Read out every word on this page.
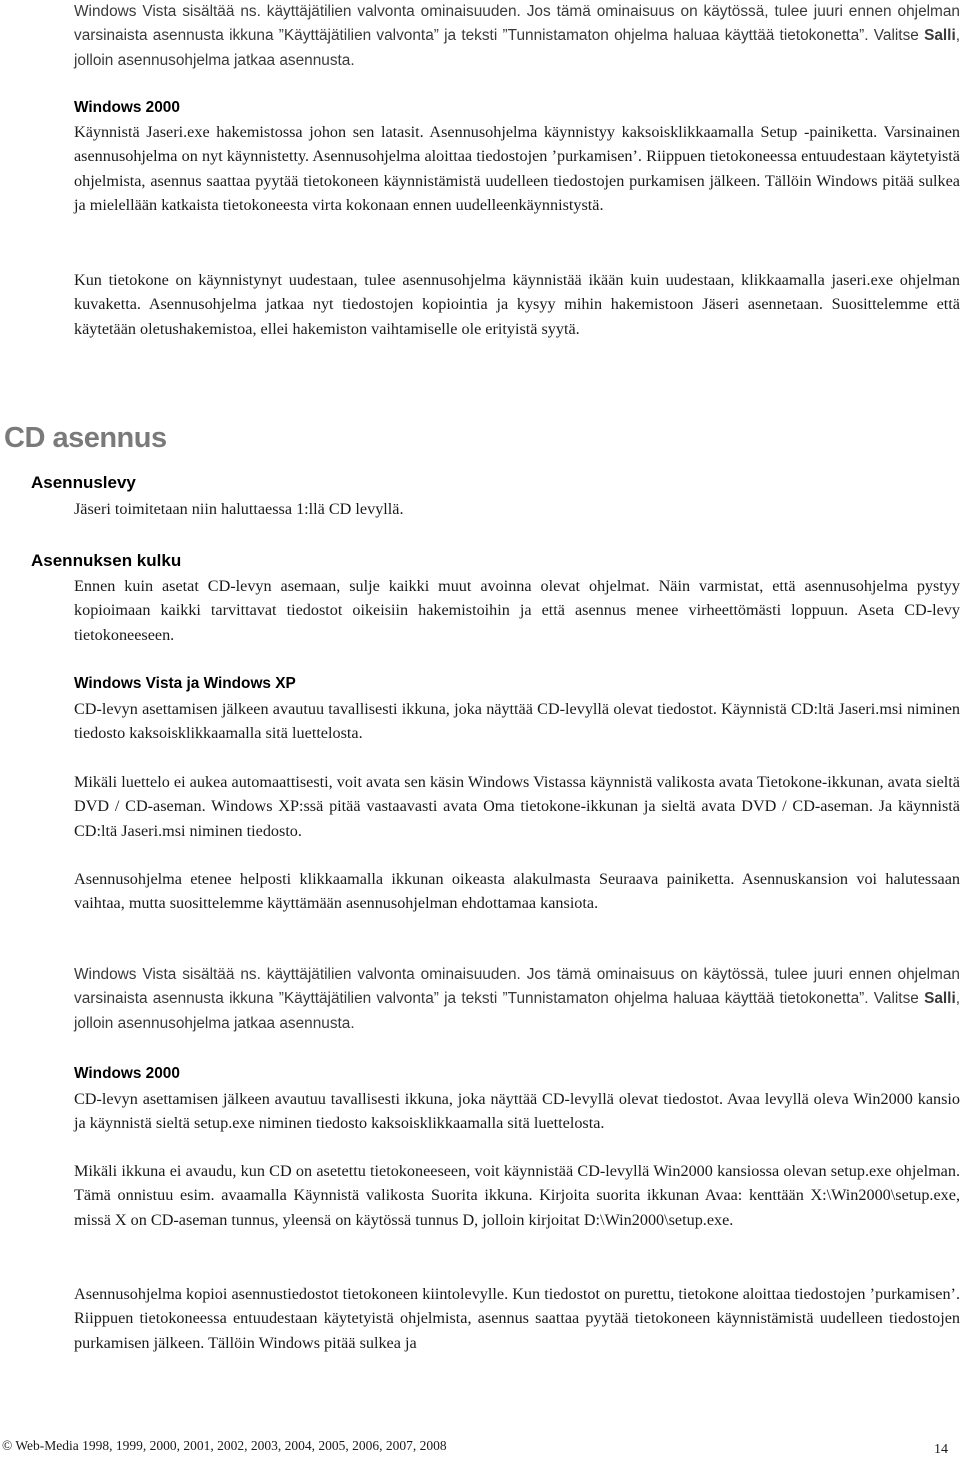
Windows Vista sisältää ns. käyttäjätilien valvonta ominaisuuden. Jos tämä ominaisuus on käytössä, tulee juuri ennen ohjelman varsinaista asennusta ikkuna ”Käyttäjätilien valvonta” ja teksti ”Tunnistamaton ohjelma haluaa käyttää tietokonetta”. Valitse Salli, jolloin asennusohjelma jatkaa asennusta.

Windows 2000

Käynnistä Jaseri.exe hakemistossa johon sen latasit. Asennusohjelma käynnistyy kaksoisklikkaamalla Setup -painiketta. Varsinainen asennusohjelma on nyt käynnistetty. Asennusohjelma aloittaa tiedostojen ’purkamisen’. Riippuen tietokoneessa entuudestaan käytetyistä ohjelmista, asennus saattaa pyytää tietokoneen käynnistämistä uudelleen tiedostojen purkamisen jälkeen. Tällöin Windows pitää sulkea ja mielellään katkaista tietokoneesta virta kokonaan ennen uudelleenkäynnistystä.

Kun tietokone on käynnistynyt uudestaan, tulee asennusohjelma käynnistää ikään kuin uudestaan, klikkaamalla jaseri.exe ohjelman kuvaketta. Asennusohjelma jatkaa nyt tiedostojen kopiointia ja kysyy mihin hakemistoon Jäseri asennetaan. Suosittelemme että käytetään oletushakemistoa, ellei hakemiston vaihtamiselle ole erityistä syytä.

CD asennus
Asennuslevy

Jäseri toimitetaan niin haluttaessa 1:llä CD levyllä.

Asennuksen kulku

Ennen kuin asetat CD-levyn asemaan, sulje kaikki muut avoinna olevat ohjelmat. Näin varmistat, että asennusohjelma pystyy kopioimaan kaikki tarvittavat tiedostot oikeisiin hakemistoihin ja että asennus menee virheettömästi loppuun. Aseta CD-levy tietokoneeseen.

Windows Vista ja Windows XP

CD-levyn asettamisen jälkeen avautuu tavallisesti ikkuna, joka näyttää CD-levyllä olevat tiedostot. Käynnistä CD:ltä Jaseri.msi niminen tiedosto kaksoisklikkaamalla sitä luettelosta.

Mikäli luettelo ei aukea automaattisesti, voit avata sen käsin Windows Vistassa käynnistä valikosta avata Tietokone-ikkunan, avata sieltä DVD / CD-aseman. Windows XP:ssä pitää vastaavasti avata Oma tietokone-ikkunan ja sieltä avata DVD / CD-aseman. Ja käynnistä CD:ltä Jaseri.msi niminen tiedosto.

Asennusohjelma etenee helposti klikkaamalla ikkunan oikeasta alakulmasta Seuraava painiketta. Asennuskansion voi halutessaan vaihtaa, mutta suosittelemme käyttämään asennusohjelman ehdottamaa kansiota.

Windows Vista sisältää ns. käyttäjätilien valvonta ominaisuuden. Jos tämä ominaisuus on käytössä, tulee juuri ennen ohjelman varsinaista asennusta ikkuna ”Käyttäjätilien valvonta” ja teksti ”Tunnistamaton ohjelma haluaa käyttää tietokonetta”. Valitse Salli, jolloin asennusohjelma jatkaa asennusta.

Windows 2000

CD-levyn asettamisen jälkeen avautuu tavallisesti ikkuna, joka näyttää CD-levyllä olevat tiedostot. Avaa levyllä oleva Win2000 kansio ja käynnistä sieltä setup.exe niminen tiedosto kaksoisklikkaamalla sitä luettelosta.

Mikäli ikkuna ei avaudu, kun CD on asetettu tietokoneeseen, voit käynnistää CD-levyllä Win2000 kansiossa olevan setup.exe ohjelman. Tämä onnistuu esim. avaamalla Käynnistä valikosta Suorita ikkuna. Kirjoita suorita ikkunan Avaa: kenttään X:\Win2000\setup.exe, missä X on CD-aseman tunnus, yleensä on käytössä tunnus D, jolloin kirjoitat D:\Win2000\setup.exe.

Asennusohjelma kopioi asennustiedostot tietokoneen kiintolevylle. Kun tiedostot on purettu, tietokone aloittaa tiedostojen ’purkamisen’. Riippuen tietokoneessa entuudestaan käytetyistä ohjelmista, asennus saattaa pyytää tietokoneen käynnistämistä uudelleen tiedostojen purkamisen jälkeen. Tällöin Windows pitää sulkea ja

© Web-Media 1998, 1999, 2000, 2001, 2002, 2003, 2004, 2005, 2006, 2007, 2008	14
